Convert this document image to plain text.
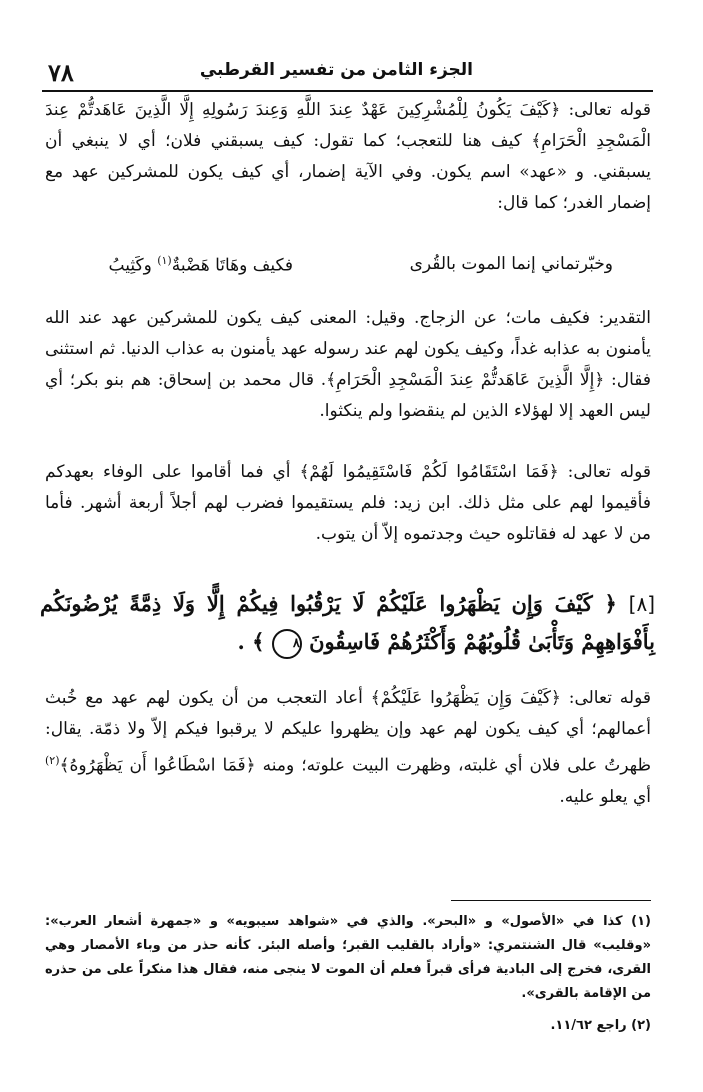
٧٨	الجزء الثامن من تفسير القرطبي
قوله تعالى: ﴿كَيْفَ يَكُونُ لِلْمُشْرِكِينَ عَهْدٌ عِندَ اللَّهِ وَعِندَ رَسُولِهِ إِلَّا الَّذِينَ عَاهَدتُّمْ عِندَ الْمَسْجِدِ الْحَرَامِ﴾ كيف هنا للتعجب؛ كما تقول: كيف يسبقني فلان؛ أي لا ينبغي أن يسبقني. و «عهد» اسم يكون. وفي الآية إضمار، أي كيف يكون للمشركين عهد مع إضمار الغدر؛ كما قال:
وخبّرتماني إنما الموت بالقُرى
فكيف وهَاتَا هَضْبةٌ$^{(١)}$ وكَثِيبُ
التقدير: فكيف مات؛ عن الزجاج. وقيل: المعنى كيف يكون للمشركين عهد عند الله يأمنون به عذابه غداً، وكيف يكون لهم عند رسوله عهد يأمنون به عذاب الدنيا. ثم استثنى فقال: ﴿إِلَّا الَّذِينَ عَاهَدتُّمْ عِندَ الْمَسْجِدِ الْحَرَامِ﴾. قال محمد بن إسحاق: هم بنو بكر؛ أي ليس العهد إلا لهؤلاء الذين لم ينقضوا ولم ينكثوا.
قوله تعالى: ﴿فَمَا اسْتَقَامُوا لَكُمْ فَاسْتَقِيمُوا لَهُمْ﴾ أي فما أقاموا على الوفاء بعهدكم فأقيموا لهم على مثل ذلك. ابن زيد: فلم يستقيموا فضرب لهم أجلاً أربعة أشهر. فأما من لا عهد له فقاتلوه حيث وجدتموه إلاّ أن يتوب.
[٨] ﴿ كَيْفَ وَإِن يَظْهَرُوا عَلَيْكُمْ لَا يَرْقُبُوا فِيكُمْ إِلًّا وَلَا ذِمَّةً يُرْضُونَكُم بِأَفْوَاهِهِمْ وَتَأْبَىٰ قُلُوبُهُمْ وَأَكْثَرُهُمْ فَاسِقُونَ ٨ ﴾ .
قوله تعالى: ﴿كَيْفَ وَإِن يَظْهَرُوا عَلَيْكُمْ﴾ أعاد التعجب من أن يكون لهم عهد مع خُبث أعمالهم؛ أي كيف يكون لهم عهد وإن يظهروا عليكم لا يرقبوا فيكم إلاّ ولا ذمّة. يقال: ظهرتُ على فلان أي غلبته، وظهرت البيت علوته؛ ومنه ﴿فَمَا اسْطَاعُوا أَن يَظْهَرُوهُ﴾$^{(٢)}$ أي يعلو عليه.
(١) كذا في «الأصول» و «البحر». والذي في «شواهد سيبويه» و «جمهرة أشعار العرب»: «وقليب» قال الشنتمري: «وأراد بالقليب القبر؛ وأصله البئر. كأنه حذر من وباء الأمصار وهي القرى، فخرج إلى البادية فرأى قبراً فعلم أن الموت لا ينجى منه، فقال هذا منكراً على من حذره من الإقامة بالقرى».
(٢) راجع ١١/٦٢.
